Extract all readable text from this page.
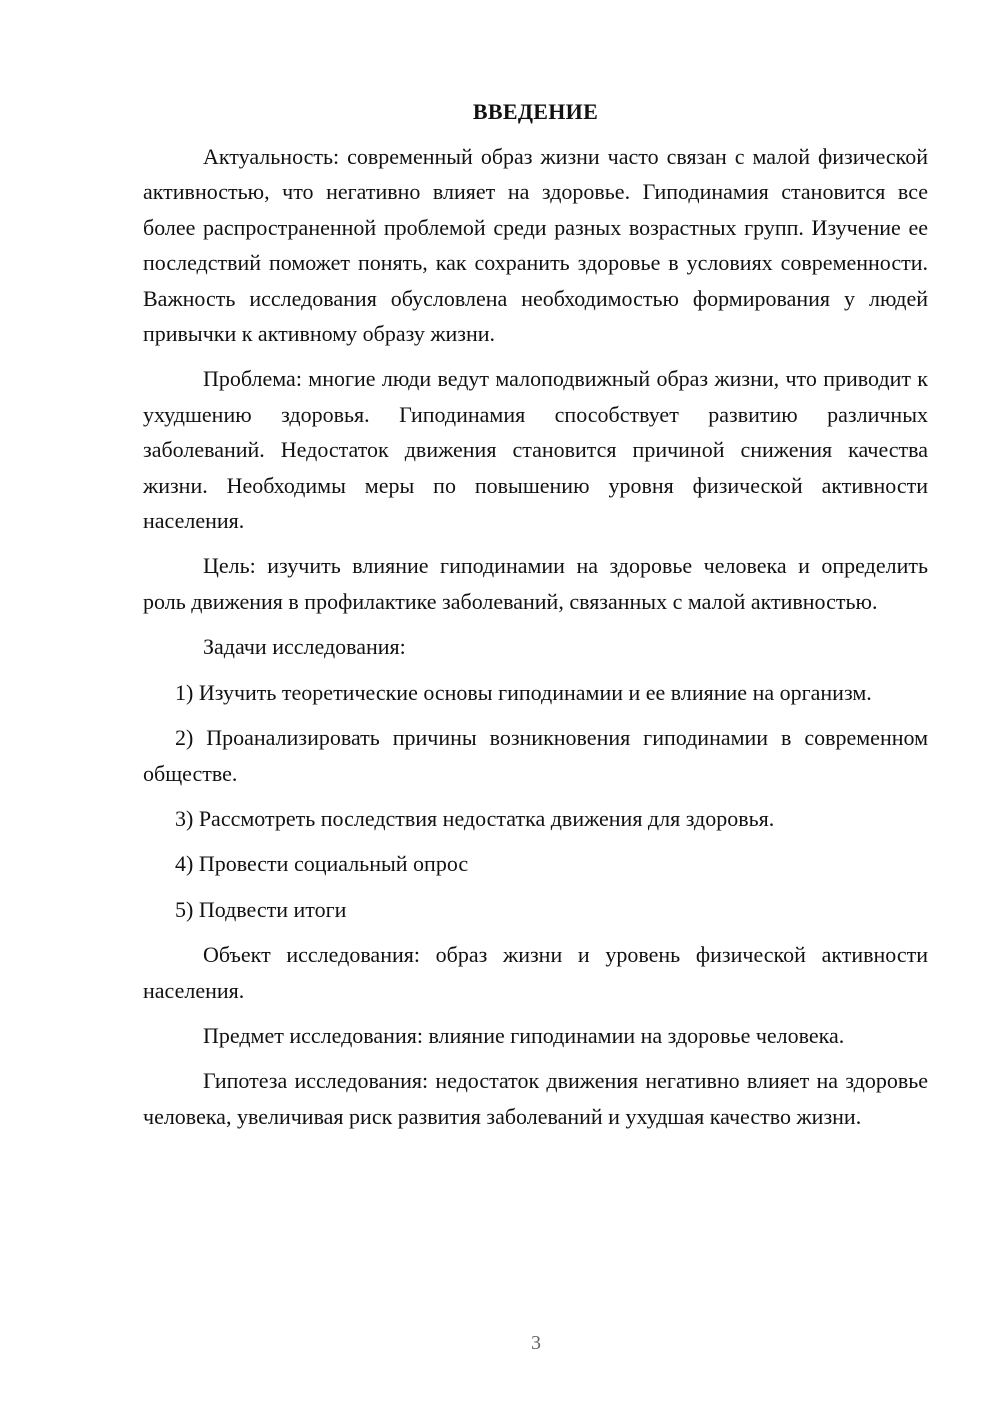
ВВЕДЕНИЕ

Актуальность: современный образ жизни часто связан с малой физической активностью, что негативно влияет на здоровье. Гиподинамия становится все более распространенной проблемой среди разных возрастных групп. Изучение ее последствий поможет понять, как сохранить здоровье в условиях современности. Важность исследования обусловлена необходимостью формирования у людей привычки к активному образу жизни.

Проблема: многие люди ведут малоподвижный образ жизни, что приводит к ухудшению здоровья. Гиподинамия способствует развитию различных заболеваний. Недостаток движения становится причиной снижения качества жизни. Необходимы меры по повышению уровня физической активности населения.

Цель: изучить влияние гиподинамии на здоровье человека и определить роль движения в профилактике заболеваний, связанных с малой активностью.

Задачи исследования:

1) Изучить теоретические основы гиподинамии и ее влияние на организм.

2) Проанализировать причины возникновения гиподинамии в современном обществе.

3) Рассмотреть последствия недостатка движения для здоровья.

4) Провести социальный опрос

5) Подвести итоги

Объект исследования: образ жизни и уровень физической активности населения.

Предмет исследования: влияние гиподинамии на здоровье человека.

Гипотеза исследования: недостаток движения негативно влияет на здоровье человека, увеличивая риск развития заболеваний и ухудшая качество жизни.

3
